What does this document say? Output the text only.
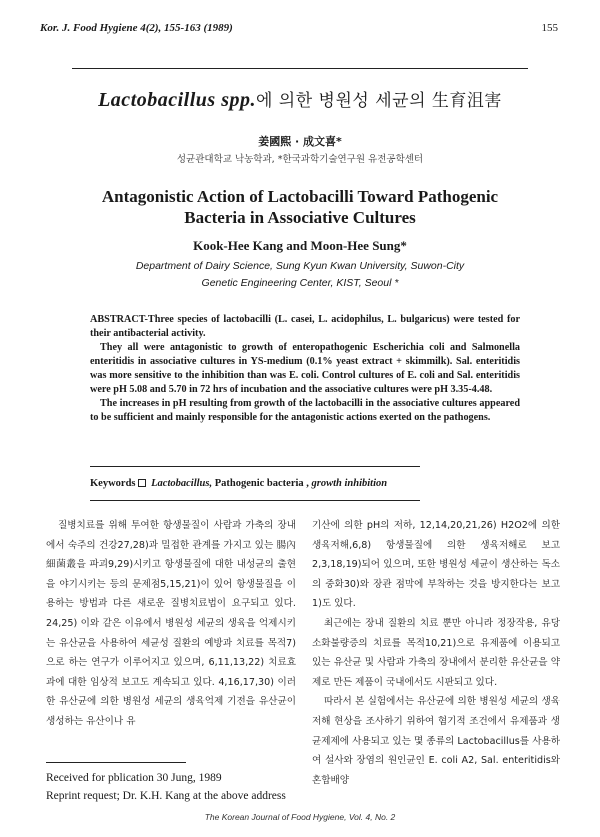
Kor. J. Food Hygiene 4(2), 155-163 (1989)	155
Lactobacillus spp.에 의한 병원성 세균의 生育沮害
姜國熙 · 成文喜*
성균관대학교 낙농학과, *한국과학기술연구원 유전공학센터
Antagonistic Action of Lactobacilli Toward Pathogenic
Bacteria in Associative Cultures
Kook-Hee Kang and Moon-Hee Sung*
Department of Dairy Science, Sung Kyun Kwan University, Suwon-City
Genetic Engineering Center, KIST, Seoul *

ABSTRACT-Three species of lactobacilli (L. casei, L. acidophilus, L. bulgaricus) were tested for their antibacterial activity.

They all were antagonistic to growth of enteropathogenic Escherichia coli and Salmonella enteritidis in associative cultures in YS-medium (0.1% yeast extract + skimmilk). Sal. enteritidis was more sensitive to the inhibition than was E. coli. Control cultures of E. coli and Sal. enteritidis were pH 5.08 and 5.70 in 72 hrs of incubation and the associative cultures were pH 3.35-4.48.

The increases in pH resulting from growth of the lactobacilli in the associative cultures appeared to be sufficient and mainly responsible for the antagonistic actions exerted on the pathogens.

Keywords Lactobacillus, Pathogenic bacteria , growth inhibition

질병치료를 위해 투여한 항생물질이 사람과 가축의 장내에서 숙주의 건강27,28)과 밀접한 관계를 가지고 있는 腸內 細菌叢을 파괴9,29)시키고 항생물질에 대한 내성균의 출현을 야기시키는 등의 문제점5,15,21)이 있어 항생물질을 이용하는 방법과 다른 새로운 질병치료법이 요구되고 있다. 24,25) 이와 같은 이유에서 병원성 세균의 생육을 억제시키는 유산균을 사용하여 세균성 질환의 예방과 치료를 목적7)으로 하는 연구가 이루어지고 있으며, 6,11,13,22) 치료효과에 대한 임상적 보고도 계속되고 있다. 4,16,17,30) 이러한 유산균에 의한 병원성 세균의 생육억제 기전을 유산균이 생성하는 유산이나 유

기산에 의한 pH의 저하, 12,14,20,21,26) H2O2에 의한 생육저해,6,8) 항생물질에 의한 생육저해로 보고2,3,18,19)되어 있으며, 또한 병원성 세균이 생산하는 독소의 중화30)와 장관 점막에 부착하는 것을 방지한다는 보고1)도 있다.

최근에는 장내 질환의 치료 뿐만 아니라 정장작용, 유당 소화불량증의 치료를 목적10,21)으로 유제품에 이용되고 있는 유산균 및 사람과 가축의 장내에서 분리한 유산균을 약제로 만든 제품이 국내에서도 시판되고 있다.

따라서 본 실험에서는 유산균에 의한 병원성 세균의 생육저해 현상을 조사하기 위하여 혐기적 조건에서 유제품과 생균제제에 사용되고 있는 몇 종류의 Lactobacillus를 사용하여 설사와 장염의 원인균인 E. coli A2, Sal. enteritidis와 혼합배양

Received for pblication 30 Jung, 1989
Reprint request; Dr. K.H. Kang at the above address
The Korean Journal of Food Hygiene, Vol. 4, No. 2
